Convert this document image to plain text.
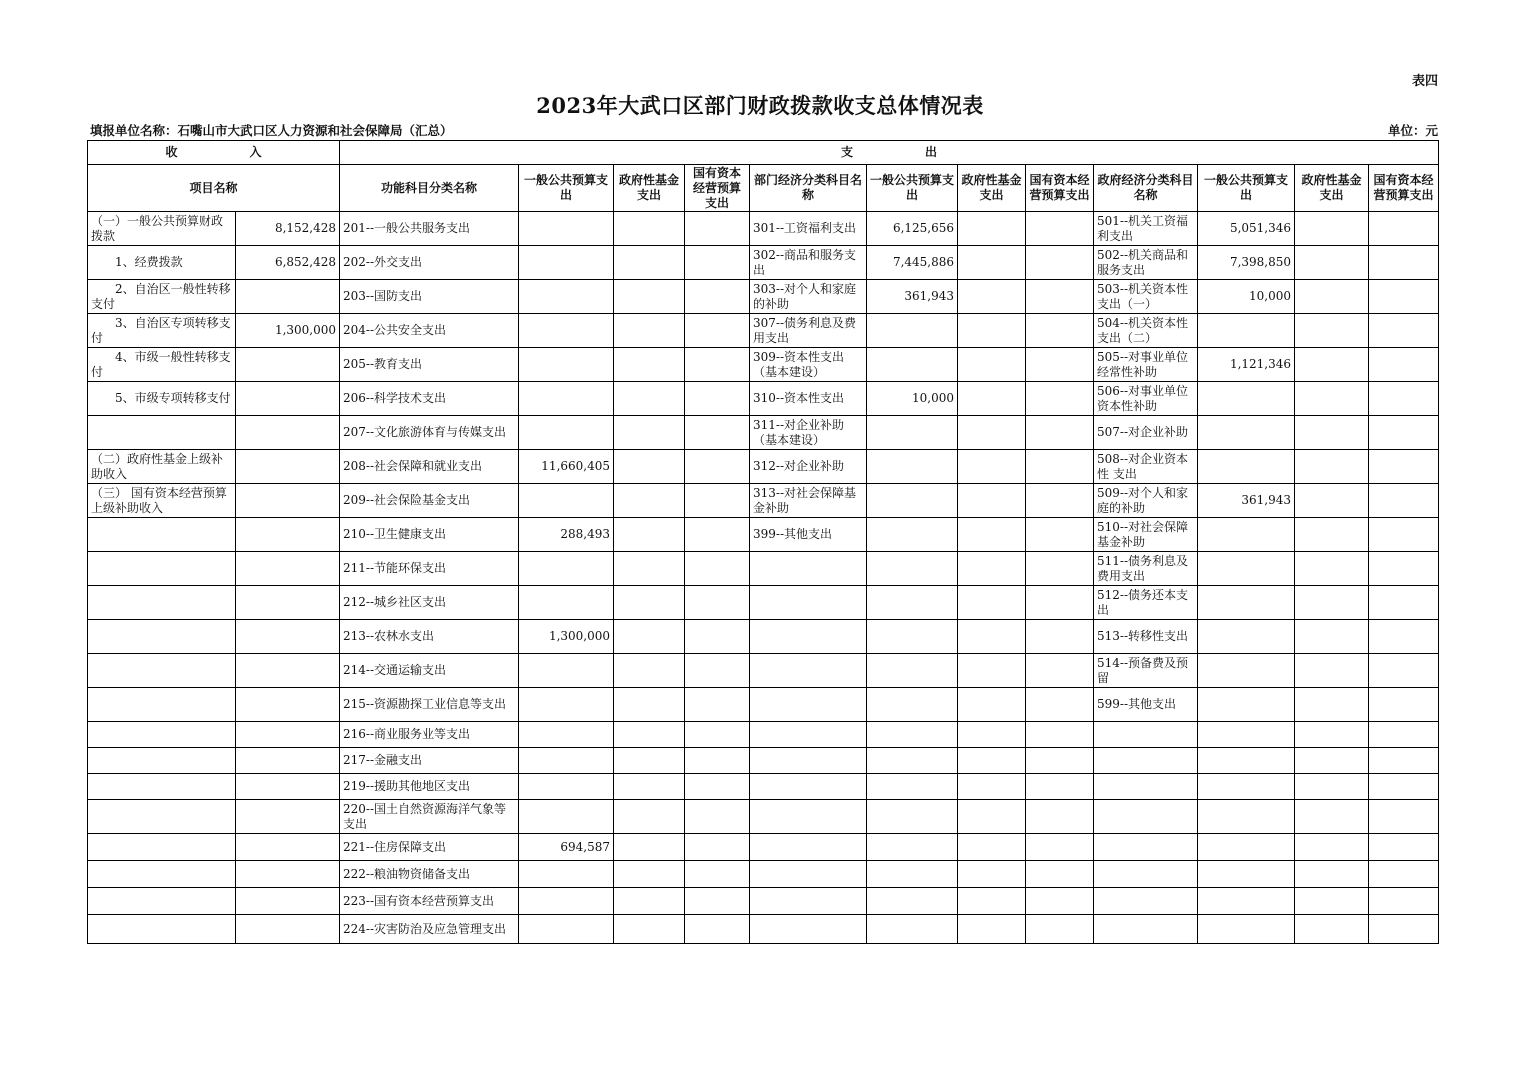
表四
2023年大武口区部门财政拨款收支总体情况表
填报单位名称：石嘴山市大武口区人力资源和社会保障局（汇总）	单位：元
收　　　　　　入		支　　　　　　出											
项目名称		功能科目分类名称	一般公共预算支出	政府性基金支出	国有资本经营预算支出	部门经济分类科目名称	一般公共预算支出	政府性基金支出	国有资本经营预算支出	政府经济分类科目名称	一般公共预算支出	政府性基金支出	国有资本经营预算支出
（一）一般公共预算财政拨款	8,152,428	201--一般公共服务支出				301--工资福利支出	6,125,656			501--机关工资福利支出	5,051,346		
　　1、经费拨款	6,852,428	202--外交支出				302--商品和服务支出	7,445,886			502--机关商品和服务支出	7,398,850		
　　2、自治区一般性转移支付		203--国防支出				303--对个人和家庭的补助	361,943			503--机关资本性支出（一）	10,000		
　　3、自治区专项转移支付	1,300,000	204--公共安全支出				307--债务利息及费用支出				504--机关资本性支出（二）			
　　4、市级一般性转移支付		205--教育支出				309--资本性支出（基本建设）				505--对事业单位经常性补助	1,121,346		
　　5、市级专项转移支付		206--科学技术支出				310--资本性支出	10,000			506--对事业单位资本性补助			
		207--文化旅游体育与传媒支出				311--对企业补助（基本建设）				507--对企业补助			
（二）政府性基金上级补助收入		208--社会保障和就业支出	11,660,405			312--对企业补助				508--对企业资本性 支出			
（三） 国有资本经营预算上级补助收入		209--社会保险基金支出				313--对社会保障基金补助				509--对个人和家庭的补助	361,943		
		210--卫生健康支出	288,493			399--其他支出				510--对社会保障基金补助			
		211--节能环保支出								511--债务利息及费用支出			
		212--城乡社区支出								512--债务还本支出			
		213--农林水支出	1,300,000							513--转移性支出			
		214--交通运输支出								514--预备费及预留			
		215--资源勘探工业信息等支出								599--其他支出			
		216--商业服务业等支出											
		217--金融支出											
		219--援助其他地区支出											
		220--国土自然资源海洋气象等支出											
		221--住房保障支出	694,587										
		222--粮油物资储备支出											
		223--国有资本经营预算支出											
		224--灾害防治及应急管理支出											
